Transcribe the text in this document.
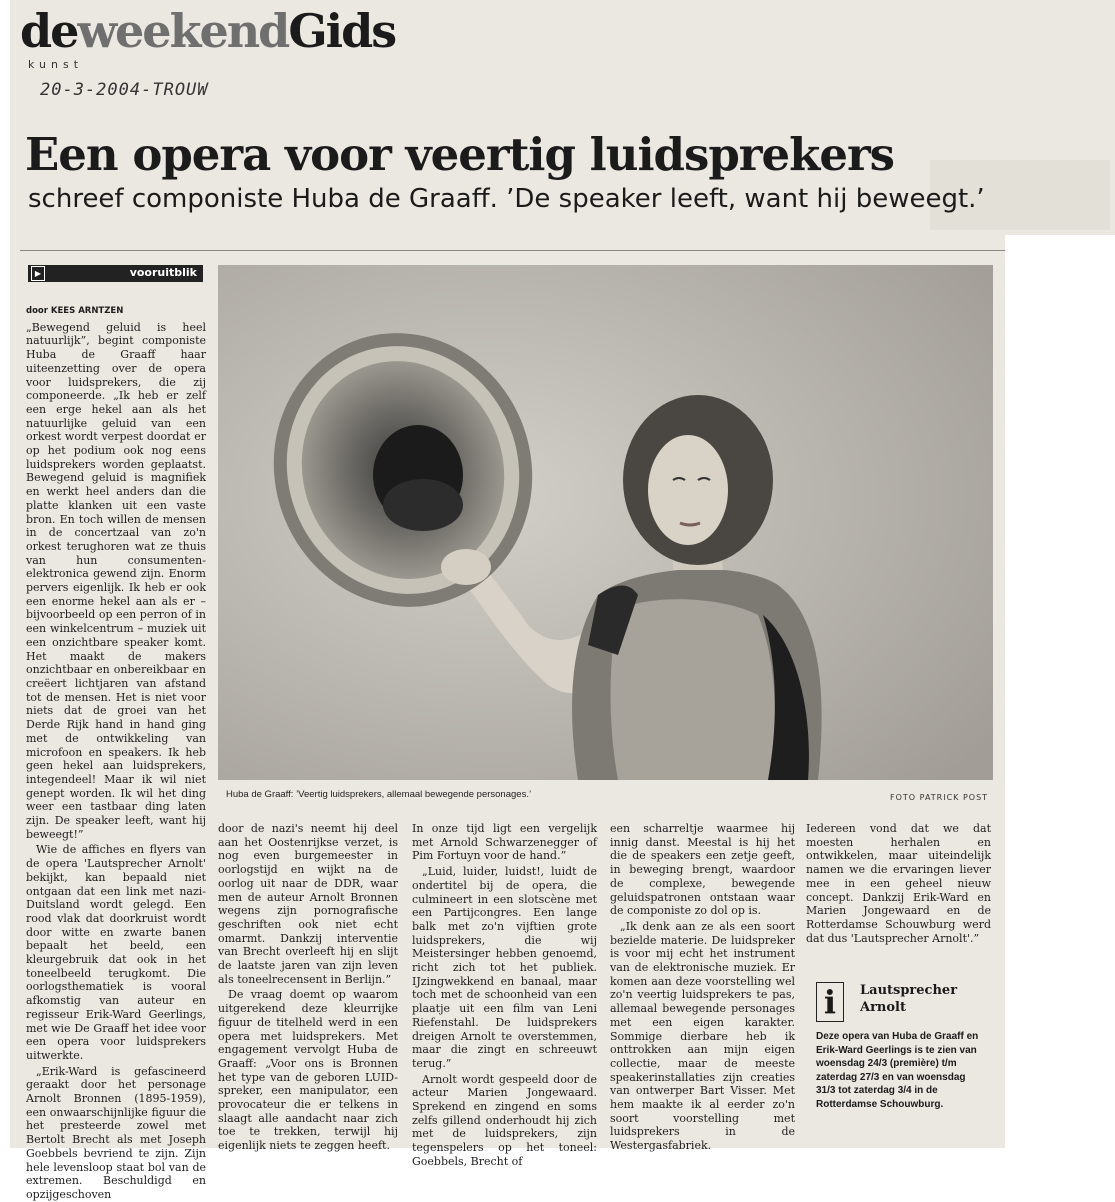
deweekendGids
kunst
20-3-2004-TROUW
Een opera voor veertig luidsprekers
schreef componiste Huba de Graaff. ’De speaker leeft, want hij beweegt.’
▶	vooruitblik
door KEES ARNTZEN

„Bewegend geluid is heel natuurlijk”, begint componiste Huba de Graaff haar uiteenzetting over de opera voor luidsprekers, die zij componeerde. „Ik heb er zelf een erge hekel aan als het natuurlijke geluid van een orkest wordt verpest doordat er op het podium ook nog eens luidsprekers worden geplaatst. Bewegend geluid is magnifiek en werkt heel anders dan die platte klanken uit een vaste bron. En toch willen de mensen in de concertzaal van zo'n orkest terughoren wat ze thuis van hun consumenten-elektronica gewend zijn. Enorm pervers eigenlijk. Ik heb er ook een enorme hekel aan als er – bijvoorbeeld op een perron of in een winkelcentrum – muziek uit een onzichtbare speaker komt. Het maakt de makers onzichtbaar en onbereikbaar en creëert lichtjaren van afstand tot de mensen. Het is niet voor niets dat de groei van het Derde Rijk hand in hand ging met de ontwikkeling van microfoon en speakers. Ik heb geen hekel aan luidsprekers, integendeel! Maar ik wil niet genept worden. Ik wil het ding weer een tastbaar ding laten zijn. De speaker leeft, want hij beweegt!”

Wie de affiches en flyers van de opera 'Lautsprecher Arnolt' bekijkt, kan bepaald niet ontgaan dat een link met nazi-Duitsland wordt gelegd. Een rood vlak dat doorkruist wordt door witte en zwarte banen bepaalt het beeld, een kleurgebruik dat ook in het toneelbeeld terugkomt. Die oorlogsthematiek is vooral afkomstig van auteur en regisseur Erik-Ward Geerlings, met wie De Graaff het idee voor een opera voor luidsprekers uitwerkte.

„Erik-Ward is gefascineerd geraakt door het personage Arnolt Bronnen (1895-1959), een onwaarschijnlijke figuur die het presteerde zowel met Bertolt Brecht als met Joseph Goebbels bevriend te zijn. Zijn hele levensloop staat bol van de extremen. Beschuldigd en opzijgeschoven

Huba de Graaff: ’Veertig luidsprekers, allemaal bewegende personages.’	FOTO PATRICK POST

door de nazi's neemt hij deel aan het Oostenrijkse verzet, is nog even burgemeester in oorlogstijd en wijkt na de oorlog uit naar de DDR, waar men de auteur Arnolt Bronnen wegens zijn pornografische geschriften ook niet echt omarmt. Dankzij interventie van Brecht overleeft hij en slijt de laatste jaren van zijn leven als toneelrecensent in Berlijn.”

De vraag doemt op waarom uitgerekend deze kleurrijke figuur de titelheld werd in een opera met luidsprekers. Met engagement vervolgt Huba de Graaff: „Voor ons is Bronnen het type van de geboren LUID-spreker, een manipulator, een provocateur die er telkens in slaagt alle aandacht naar zich toe te trekken, terwijl hij eigenlijk niets te zeggen heeft.

In onze tijd ligt een vergelijk met Arnold Schwarzenegger of Pim Fortuyn voor de hand.”

„Luid, luider, luidst!, luidt de ondertitel bij de opera, die culmineert in een slotscène met een Partijcongres. Een lange balk met zo'n vijftien grote luidsprekers, die wij Meistersinger hebben genoemd, richt zich tot het publiek. IJzingwekkend en banaal, maar toch met de schoonheid van een plaatje uit een film van Leni Riefenstahl. De luidsprekers dreigen Arnolt te overstemmen, maar die zingt en schreeuwt terug.”

Arnolt wordt gespeeld door de acteur Marien Jongewaard. Sprekend en zingend en soms zelfs gillend onderhoudt hij zich met de luidsprekers, zijn tegenspelers op het toneel: Goebbels, Brecht of

een scharreltje waarmee hij innig danst. Meestal is hij het die de speakers een zetje geeft, in beweging brengt, waardoor de complexe, bewegende geluidspatronen ontstaan waar de componiste zo dol op is.

„Ik denk aan ze als een soort bezielde materie. De luidspreker is voor mij echt het instrument van de elektronische muziek. Er komen aan deze voorstelling wel zo'n veertig luidsprekers te pas, allemaal bewegende personages met een eigen karakter. Sommige dierbare heb ik onttrokken aan mijn eigen collectie, maar de meeste speakerinstallaties zijn creaties van ontwerper Bart Visser. Met hem maakte ik al eerder zo'n soort voorstelling met luidsprekers in de Westergasfabriek.

Iedereen vond dat we dat moesten herhalen en ontwikkelen, maar uiteindelijk namen we die ervaringen liever mee in een geheel nieuw concept. Dankzij Erik-Ward en Marien Jongewaard en de Rotterdamse Schouwburg werd dat dus 'Lautsprecher Arnolt'.”

i	Lautsprecher
Arnolt
Deze opera van Huba de Graaff en Erik-Ward Geerlings is te zien van woensdag 24/3 (première) t/m zaterdag 27/3 en van woensdag 31/3 tot zaterdag 3/4 in de Rotterdamse Schouwburg.
